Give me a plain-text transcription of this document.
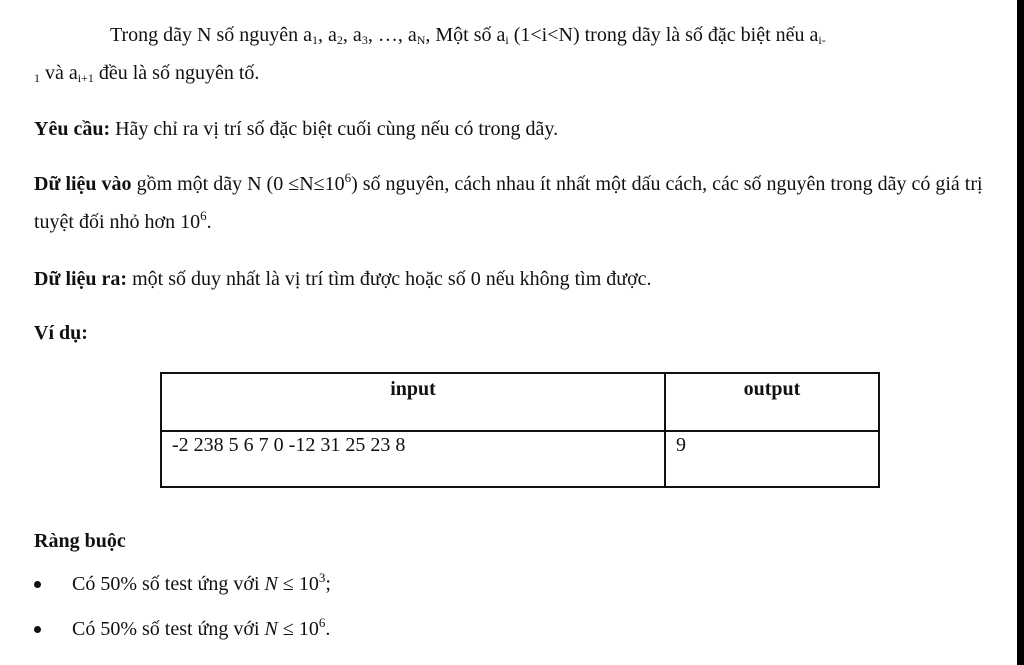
Trong dãy N số nguyên $a_1$, $a_2$, $a_3$, …, $a_N$, Một số $a_i$ (1<i<N) trong dãy là số đặc biệt nếu $a_{i-}$
$_1$ và $a_{i+1}$ đều là số nguyên tố.

Yêu cầu: Hãy chỉ ra vị trí số đặc biệt cuối cùng nếu có trong dãy.

Dữ liệu vào gồm một dãy N $(0 \le N\le 10^6)$ số nguyên, cách nhau ít nhất một dấu cách, các số nguyên trong dãy có giá trị tuyệt đối nhỏ hơn $10^6$.

Dữ liệu ra: một số duy nhất là vị trí tìm được hoặc số 0 nếu không tìm được.

Ví dụ:

input	output
-2 238 5 6 7 0 -12 31 25 23 8	9

Ràng buộc

Có 50% số test ứng với $N \le 10^3$;
Có 50% số test ứng với $N \le 10^6$.
